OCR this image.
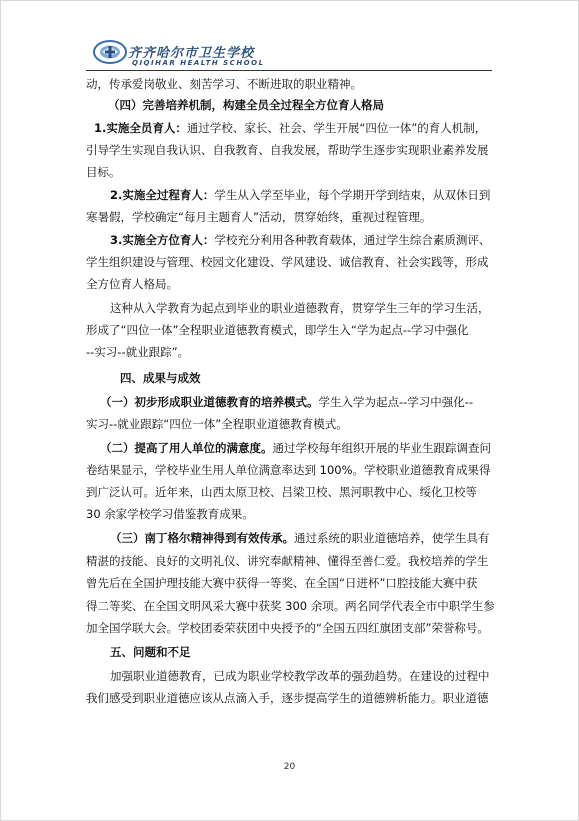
齐齐哈尔市卫生学校
QIQIHAR HEALTH SCHOOL
动，传承爱岗敬业、刻苦学习、不断进取的职业精神。
（四）完善培养机制，构建全员全过程全方位育人格局
1.实施全员育人：通过学校、家长、社会、学生开展“四位一体”的育人机制，
引导学生实现自我认识、自我教育、自我发展，帮助学生逐步实现职业素养发展
目标。
2.实施全过程育人：学生从入学至毕业，每个学期开学到结束，从双休日到
寒暑假，学校确定“每月主题育人”活动，贯穿始终，重视过程管理。
3.实施全方位育人：学校充分利用各种教育载体，通过学生综合素质测评、
学生组织建设与管理、校园文化建设、学风建设、诚信教育、社会实践等，形成
全方位育人格局。
这种从入学教育为起点到毕业的职业道德教育，贯穿学生三年的学习生活，
形成了“四位一体”全程职业道德教育模式，即学生入“学为起点--学习中强化
--实习--就业跟踪”。
四、成果与成效
（一）初步形成职业道德教育的培养模式。学生入学为起点--学习中强化--
实习--就业跟踪“四位一体”全程职业道德教育模式。
（二）提高了用人单位的满意度。通过学校每年组织开展的毕业生跟踪调查问
卷结果显示，学校毕业生用人单位满意率达到 100%。学校职业道德教育成果得
到广泛认可。近年来，山西太原卫校、吕梁卫校、黑河职教中心、绥化卫校等
30 余家学校学习借鉴教育成果。
（三）南丁格尔精神得到有效传承。通过系统的职业道德培养，使学生具有
精湛的技能、良好的文明礼仪、讲究奉献精神、懂得至善仁爱。我校培养的学生
曾先后在全国护理技能大赛中获得一等奖、在全国“日进杯”口腔技能大赛中获
得二等奖、在全国文明风采大赛中获奖 300 余项。两名同学代表全市中职学生参
加全国学联大会。学校团委荣获团中央授予的“全国五四红旗团支部”荣誉称号。
五、问题和不足
加强职业道德教育，已成为职业学校教学改革的强劲趋势。在建设的过程中
我们感受到职业道德应该从点滴入手，逐步提高学生的道德辨析能力。职业道德
20
